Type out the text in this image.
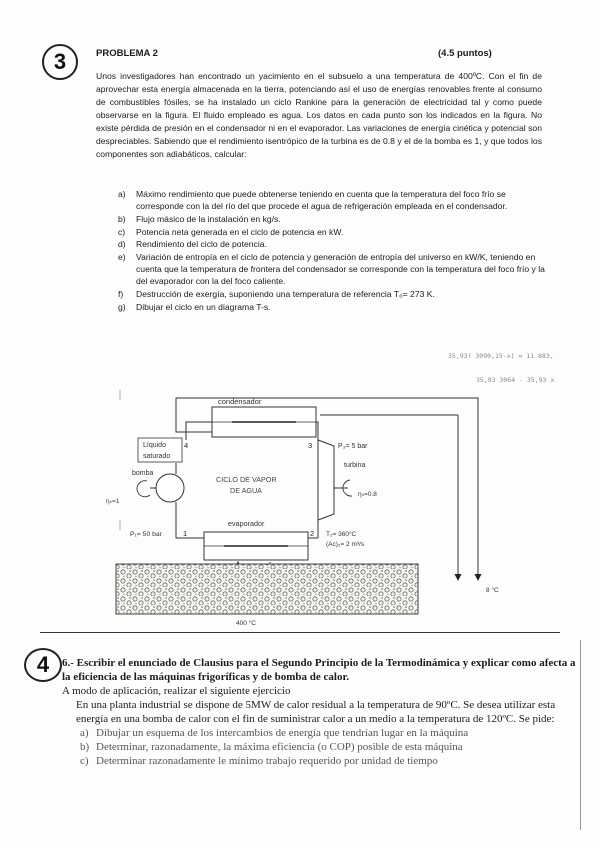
3	PROBLEMA 2	(4.5 puntos)

Unos investigadores han encontrado un yacimiento en el subsuelo a una temperatura de 400ºC. Con el fin de aprovechar esta energía almacenada en la tierra, potenciando así el uso de energías renovables frente al consumo de combustibles fósiles, se ha instalado un ciclo Rankine para la generación de electricidad tal y como puede observarse en la figura. El fluido empleado es agua. Los datos en cada punto son los indicados en la figura. No existe pérdida de presión en el condensador ni en el evaporador. Las variaciones de energía cinética y potencial son despreciables. Sabiendo que el rendimiento isentrópico de la turbina es de 0.8 y el de la bomba es 1, y que todos los componentes son adiabáticos, calcular:

a) Máximo rendimiento que puede obtenerse teniendo en cuenta que la temperatura del foco frío se corresponde con la del río del que procede el agua de refrigeración empleada en el condensador.
b) Flujo másico de la instalación en kg/s.
c) Potencia neta generada en el ciclo de potencia en kW.
d) Rendimiento del ciclo de potencia.
e) Variación de entropía en el ciclo de potencia y generación de entropía del universo en kW/K, teniendo en cuenta que la temperatura de frontera del condensador se corresponde con la temperatura del foco frío y la del evaporador con la del foco caliente.
f) Destrucción de exergía, suponiendo una temperatura de referencia T₀= 273 K.
g) Dibujar el ciclo en un diagrama T-s.
35,93( 3090,15-x) = 11 883,
35,93 3064 - 35,93 x
condensador
Líquido
saturado
4
bomba
ηₛ=1
CICLO DE VAPOR
DE AGUA
3	P₃= 5 bar
turbina
ηₛ=0.8
evaporador
P₁= 50 bar	1	2 T₂= 360°C
(Ac)₂= 2 m³/s
400 °C
8 °C
4 6.- Escribir el enunciado de Clausius para el Segundo Principio de la Termodinámica y explicar como afecta a la eficiencia de las máquinas frigoríficas y de bomba de calor.
A modo de aplicación, realizar el siguiente ejercicio
En una planta industrial se dispone de 5MW de calor residual a la temperatura de 90ºC. Se desea utilizar esta energía en una bomba de calor con el fin de suministrar calor a un medio a la temperatura de 120ºC. Se pide:
a) Dibujar un esquema de los intercambios de energía que tendrían lugar en la máquina
b) Determinar, razonadamente, la máxima eficiencia (o COP) posible de esta máquina
c) Determinar razonadamente le mínimo trabajo requerido por unidad de tiempo
